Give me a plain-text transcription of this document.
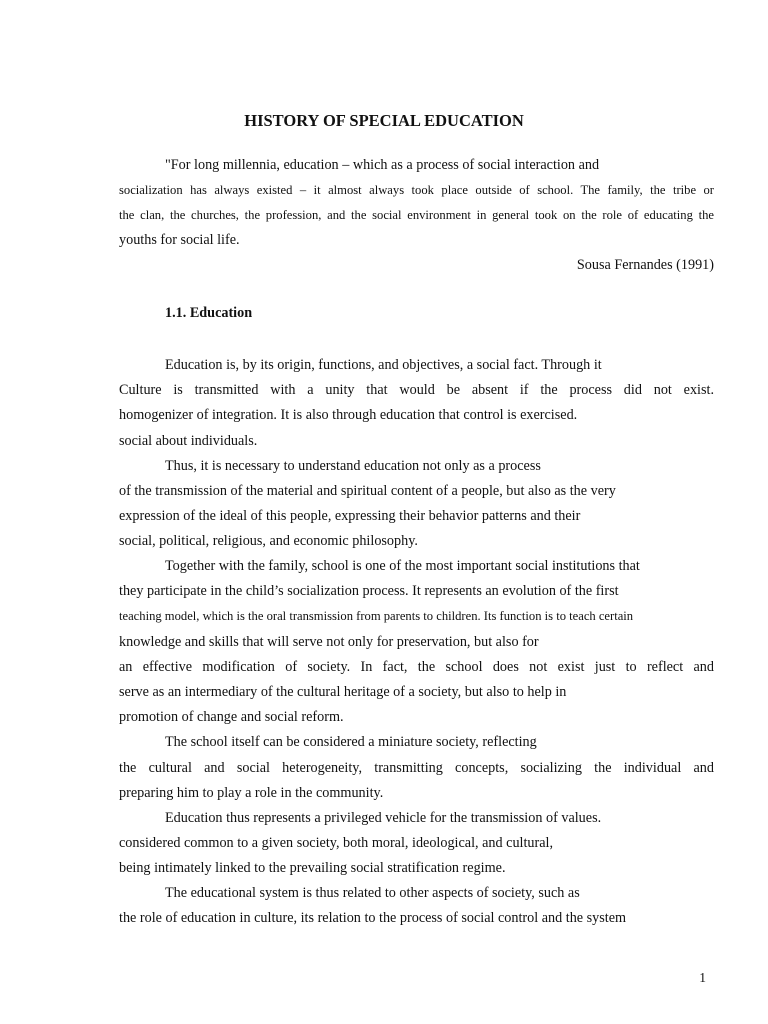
HISTORY OF SPECIAL EDUCATION
"For long millennia, education – which as a process of social interaction and
socialization has always existed – it almost always took place outside of school. The family, the tribe or
the clan, the churches, the profession, and the social environment in general took on the role of educating the
youths for social life.
Sousa Fernandes (1991)
1.1. Education
Education is, by its origin, functions, and objectives, a social fact. Through it
Culture is transmitted with a unity that would be absent if the process did not exist.
homogenizer of integration. It is also through education that control is exercised.
social about individuals.
Thus, it is necessary to understand education not only as a process
of the transmission of the material and spiritual content of a people, but also as the very
expression of the ideal of this people, expressing their behavior patterns and their
social, political, religious, and economic philosophy.
Together with the family, school is one of the most important social institutions that
they participate in the child’s socialization process. It represents an evolution of the first
teaching model, which is the oral transmission from parents to children. Its function is to teach certain
knowledge and skills that will serve not only for preservation, but also for
an effective modification of society. In fact, the school does not exist just to reflect and
serve as an intermediary of the cultural heritage of a society, but also to help in
promotion of change and social reform.
The school itself can be considered a miniature society, reflecting
the cultural and social heterogeneity, transmitting concepts, socializing the individual and
preparing him to play a role in the community.
Education thus represents a privileged vehicle for the transmission of values.
considered common to a given society, both moral, ideological, and cultural,
being intimately linked to the prevailing social stratification regime.
The educational system is thus related to other aspects of society, such as
the role of education in culture, its relation to the process of social control and the system
1
